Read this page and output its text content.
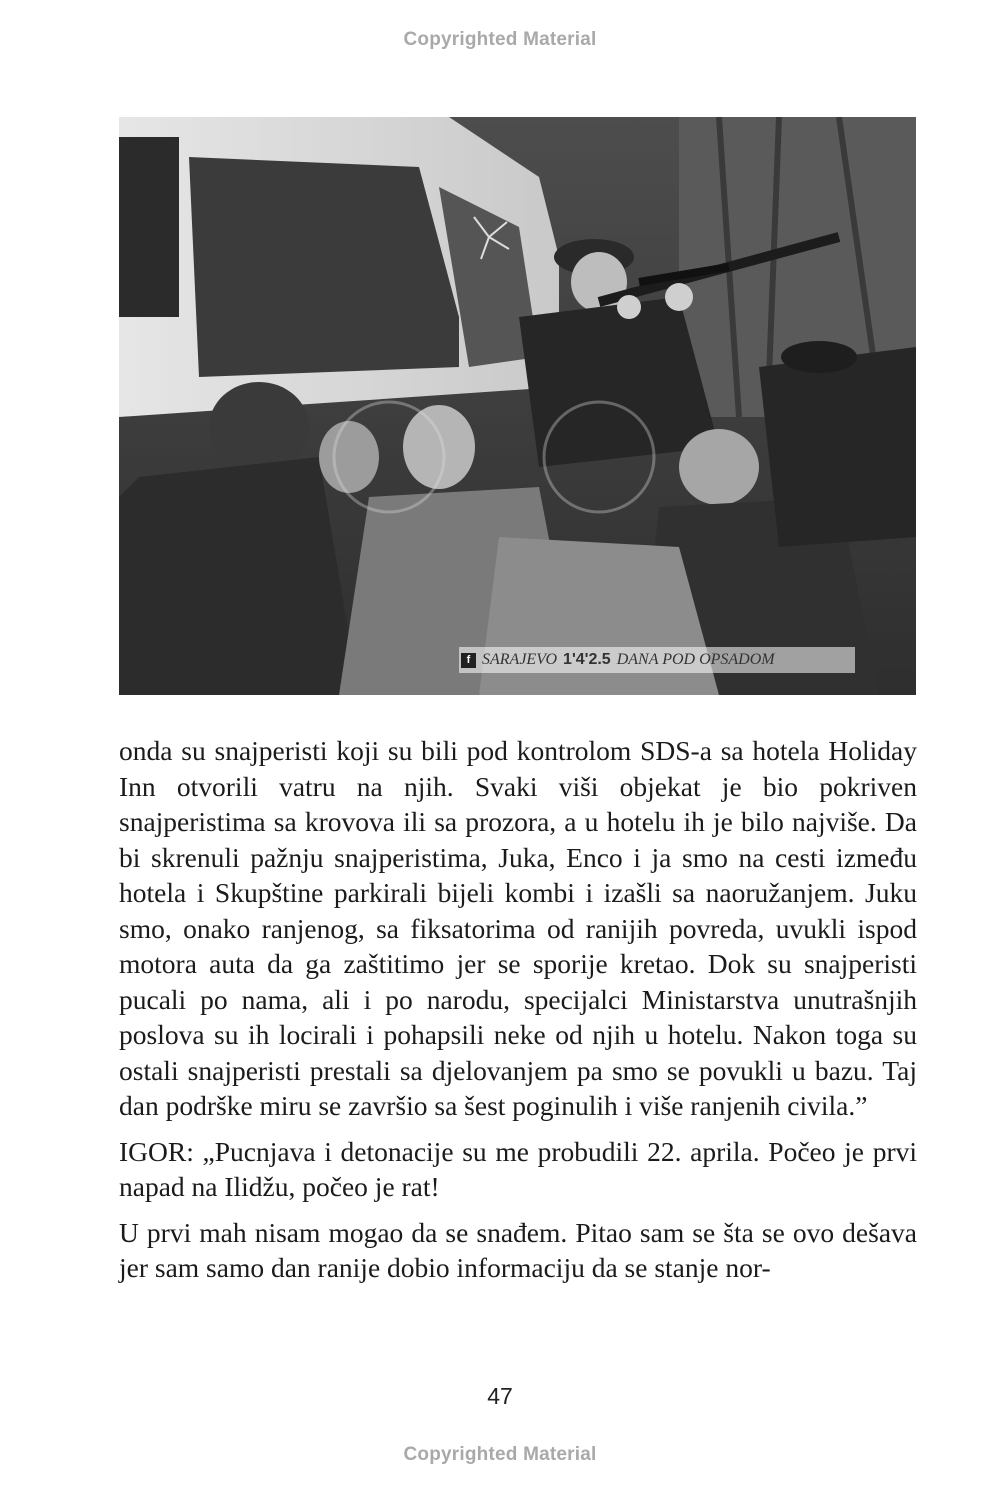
Copyrighted Material
f SARAJEVO 1'4'2.5 DANA POD OPSADOM

onda su snajperisti koji su bili pod kontrolom SDS-a sa hotela Holiday Inn otvorili vatru na njih. Svaki viši objekat je bio pokriven snajperistima sa krovova ili sa prozora, a u hotelu ih je bilo najviše. Da bi skrenuli pažnju snajperistima, Juka, Enco i ja smo na cesti između hotela i Skupštine parkirali bijeli kombi i izašli sa naoružanjem. Juku smo, onako ranjenog, sa fiksatorima od ranijih povreda, uvukli ispod motora auta da ga zaštitimo jer se sporije kretao. Dok su snajperisti pucali po nama, ali i po narodu, specijalci Ministarstva unutrašnjih poslova su ih locirali i pohapsili neke od njih u hotelu. Nakon toga su ostali snajperisti prestali sa djelovanjem pa smo se povukli u bazu. Taj dan podrške miru se završio sa šest poginulih i više ranjenih civila.”

IGOR: „Pucnjava i detonacije su me probudili 22. aprila. Počeo je prvi napad na Ilidžu, počeo je rat!

U prvi mah nisam mogao da se snađem. Pitao sam se šta se ovo dešava jer sam samo dan ranije dobio informaciju da se stanje nor-

47
Copyrighted Material
